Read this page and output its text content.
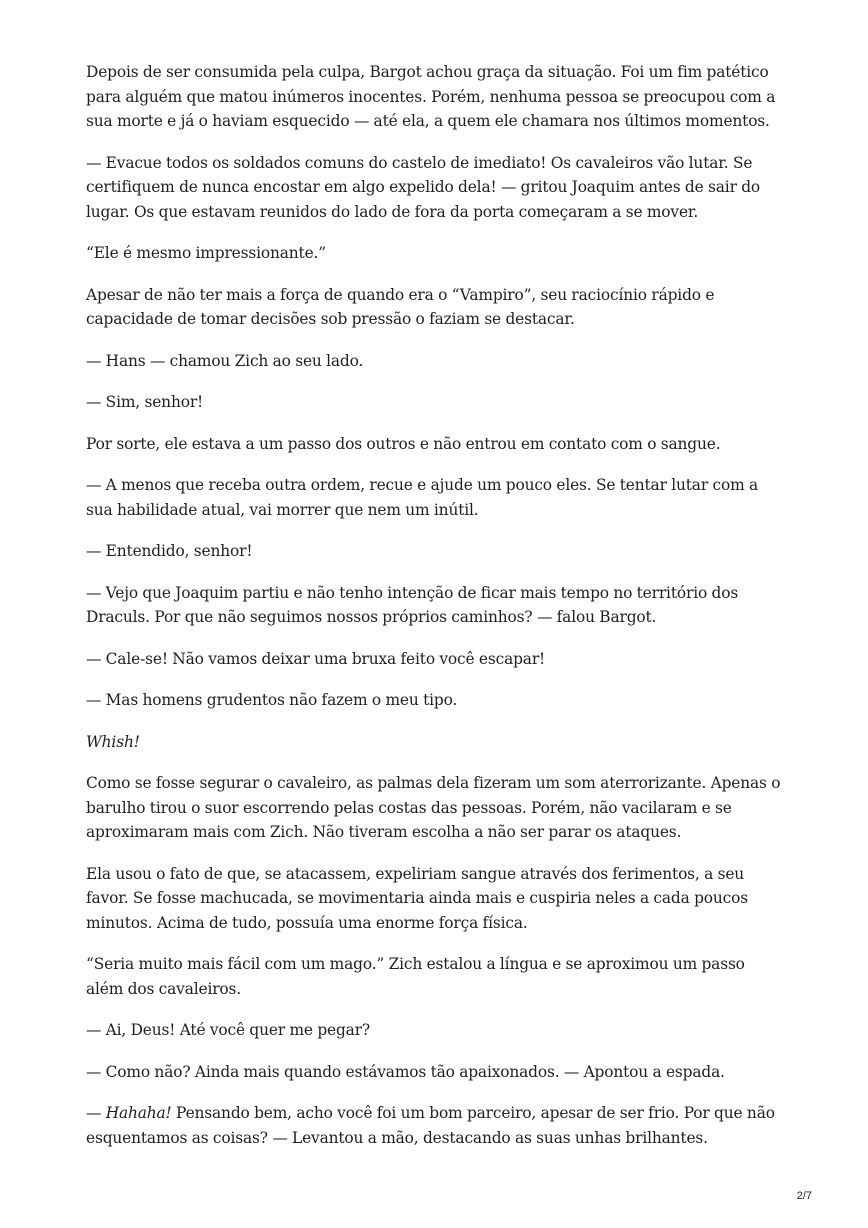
Depois de ser consumida pela culpa, Bargot achou graça da situação. Foi um fim patético para alguém que matou inúmeros inocentes. Porém, nenhuma pessoa se preocupou com a sua morte e já o haviam esquecido — até ela, a quem ele chamara nos últimos momentos.

— Evacue todos os soldados comuns do castelo de imediato! Os cavaleiros vão lutar. Se certifiquem de nunca encostar em algo expelido dela! — gritou Joaquim antes de sair do lugar. Os que estavam reunidos do lado de fora da porta começaram a se mover.

“Ele é mesmo impressionante.”

Apesar de não ter mais a força de quando era o “Vampiro”, seu raciocínio rápido e capacidade de tomar decisões sob pressão o faziam se destacar.

— Hans — chamou Zich ao seu lado.

— Sim, senhor!

Por sorte, ele estava a um passo dos outros e não entrou em contato com o sangue.

— A menos que receba outra ordem, recue e ajude um pouco eles. Se tentar lutar com a sua habilidade atual, vai morrer que nem um inútil.

— Entendido, senhor!

— Vejo que Joaquim partiu e não tenho intenção de ficar mais tempo no território dos Draculs. Por que não seguimos nossos próprios caminhos? — falou Bargot.

— Cale-se! Não vamos deixar uma bruxa feito você escapar!

— Mas homens grudentos não fazem o meu tipo.

Whish!

Como se fosse segurar o cavaleiro, as palmas dela fizeram um som aterrorizante. Apenas o barulho tirou o suor escorrendo pelas costas das pessoas. Porém, não vacilaram e se aproximaram mais com Zich. Não tiveram escolha a não ser parar os ataques.

Ela usou o fato de que, se atacassem, expeliriam sangue através dos ferimentos, a seu favor. Se fosse machucada, se movimentaria ainda mais e cuspiria neles a cada poucos minutos. Acima de tudo, possuía uma enorme força física.

“Seria muito mais fácil com um mago.” Zich estalou a língua e se aproximou um passo além dos cavaleiros.

— Ai, Deus! Até você quer me pegar?

— Como não? Ainda mais quando estávamos tão apaixonados. — Apontou a espada.

— Hahaha! Pensando bem, acho você foi um bom parceiro, apesar de ser frio. Por que não esquentamos as coisas? — Levantou a mão, destacando as suas unhas brilhantes.

2/7
